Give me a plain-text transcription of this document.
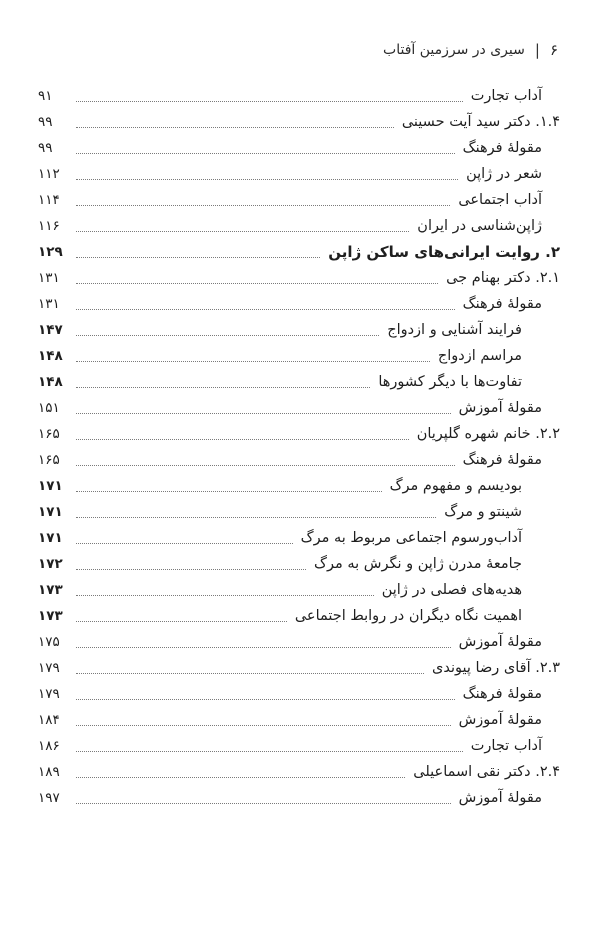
۶
|
سیری در سرزمین آفتاب
آداب تجارت
۹۱
۱.۴. دکتر سید آیت حسینی
۹۹
مقولهٔ فرهنگ
۹۹
شعر در ژاپن
۱۱۲
آداب اجتماعی
۱۱۴
ژاپن‌شناسی در ایران
۱۱۶
۲. روایت ایرانی‌های ساکن ژاپن
۱۲۹
۲.۱. دکتر بهنام جی
۱۳۱
مقولهٔ فرهنگ
۱۳۱
فرایند آشنایی و ازدواج
۱۴۷
مراسم ازدواج
۱۴۸
تفاوت‌ها با دیگر کشورها
۱۴۸
مقولهٔ آموزش
۱۵۱
۲.۲. خانم شهره گلپریان
۱۶۵
مقولهٔ فرهنگ
۱۶۵
بودیسم و مفهوم مرگ
۱۷۱
شینتو و مرگ
۱۷۱
آداب‌ورسوم اجتماعی مربوط به مرگ
۱۷۱
جامعهٔ مدرن ژاپن و نگرش به مرگ
۱۷۲
هدیه‌های فصلی در ژاپن
۱۷۳
اهمیت نگاه دیگران در روابط اجتماعی
۱۷۳
مقولهٔ آموزش
۱۷۵
۲.۳. آقای رضا پیوندی
۱۷۹
مقولهٔ فرهنگ
۱۷۹
مقولهٔ آموزش
۱۸۴
آداب تجارت
۱۸۶
۲.۴. دکتر نقی اسماعیلی
۱۸۹
مقولهٔ آموزش
۱۹۷
